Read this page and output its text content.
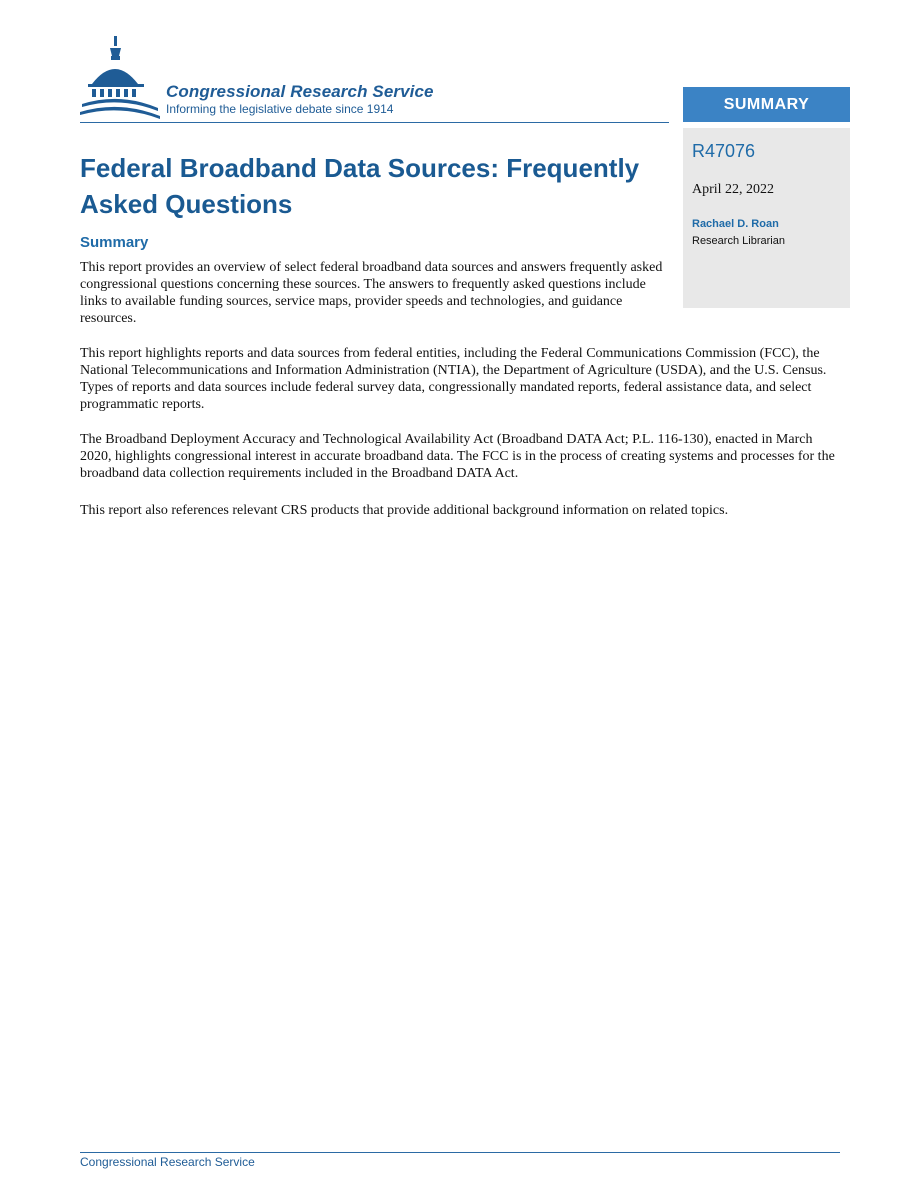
Congressional Research Service
Informing the legislative debate since 1914	SUMMARY
R47076
April 22, 2022
Rachael D. Roan
Research Librarian
Federal Broadband Data Sources: Frequently Asked Questions
Summary

This report provides an overview of select federal broadband data sources and answers frequently asked congressional questions concerning these sources. The answers to frequently asked questions include links to available funding sources, service maps, provider speeds and technologies, and guidance resources.

This report highlights reports and data sources from federal entities, including the Federal Communications Commission (FCC), the National Telecommunications and Information Administration (NTIA), the Department of Agriculture (USDA), and the U.S. Census. Types of reports and data sources include federal survey data, congressionally mandated reports, federal assistance data, and select programmatic reports.

The Broadband Deployment Accuracy and Technological Availability Act (Broadband DATA Act; P.L. 116-130), enacted in March 2020, highlights congressional interest in accurate broadband data. The FCC is in the process of creating systems and processes for the broadband data collection requirements included in the Broadband DATA Act.

This report also references relevant CRS products that provide additional background information on related topics.

Congressional Research Service
